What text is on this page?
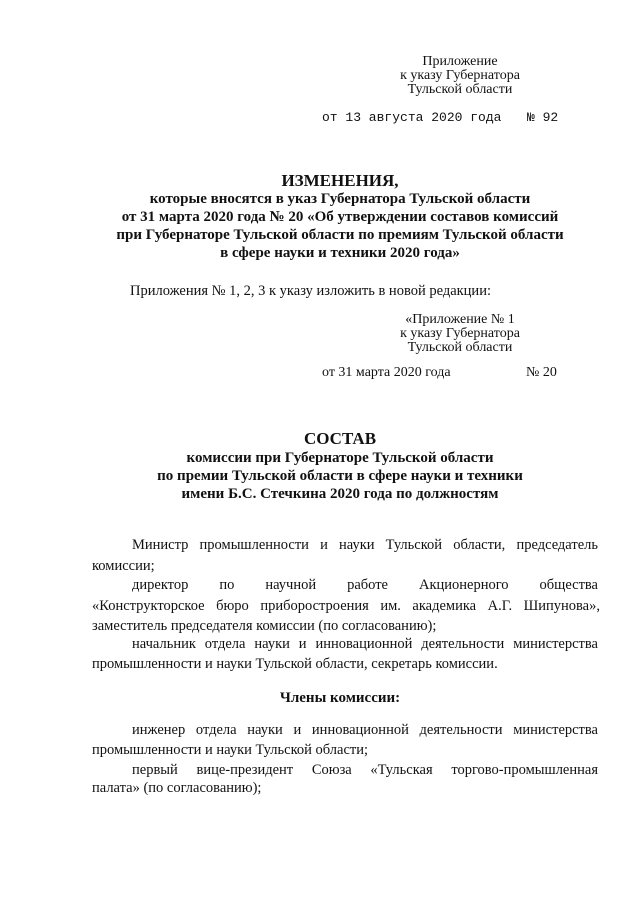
Приложение
к указу Губернатора
Тульской области
от 13 августа 2020 года № 92
ИЗМЕНЕНИЯ,
которые вносятся в указ Губернатора Тульской области
от 31 марта 2020 года № 20 «Об утверждении составов комиссий
при Губернаторе Тульской области по премиям Тульской области
в сфере науки и техники 2020 года»
Приложения № 1, 2, 3 к указу изложить в новой редакции:
«Приложение № 1
к указу Губернатора
Тульской области
от 31 марта 2020 года	№ 20
СОСТАВ
комиссии при Губернаторе Тульской области
по премии Тульской области в сфере науки и техники
имени Б.С. Стечкина 2020 года по должностям
Министр промышленности и науки Тульской области, председатель
комиссии;
директор по научной работе Акционерного общества
«Конструкторское бюро приборостроения им. академика А.Г. Шипунова»,
заместитель председателя комиссии (по согласованию);
начальник отдела науки и инновационной деятельности министерства
промышленности и науки Тульской области, секретарь комиссии.
Члены комиссии:
инженер отдела науки и инновационной деятельности министерства
промышленности и науки Тульской области;
первый вице-президент Союза «Тульская торгово-промышленная
палата» (по согласованию);
